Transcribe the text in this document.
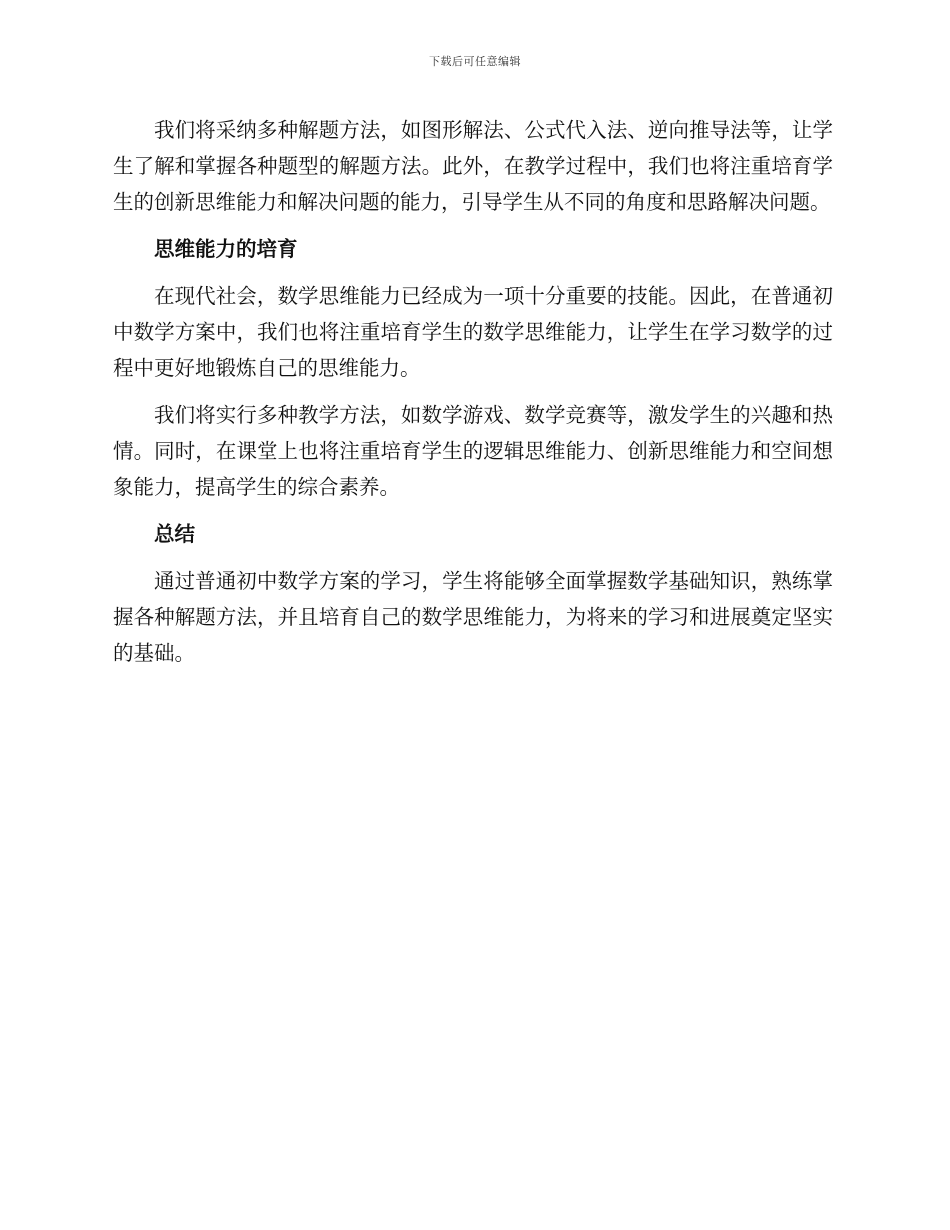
下载后可任意编辑

我们将采纳多种解题方法，如图形解法、公式代入法、逆向推导法等，让学生了解和掌握各种题型的解题方法。此外，在教学过程中，我们也将注重培育学生的创新思维能力和解决问题的能力，引导学生从不同的角度和思路解决问题。

思维能力的培育

在现代社会，数学思维能力已经成为一项十分重要的技能。因此，在普通初中数学方案中，我们也将注重培育学生的数学思维能力，让学生在学习数学的过程中更好地锻炼自己的思维能力。

我们将实行多种教学方法，如数学游戏、数学竞赛等，激发学生的兴趣和热情。同时，在课堂上也将注重培育学生的逻辑思维能力、创新思维能力和空间想象能力，提高学生的综合素养。

总结

通过普通初中数学方案的学习，学生将能够全面掌握数学基础知识，熟练掌握各种解题方法，并且培育自己的数学思维能力，为将来的学习和进展奠定坚实的基础。
